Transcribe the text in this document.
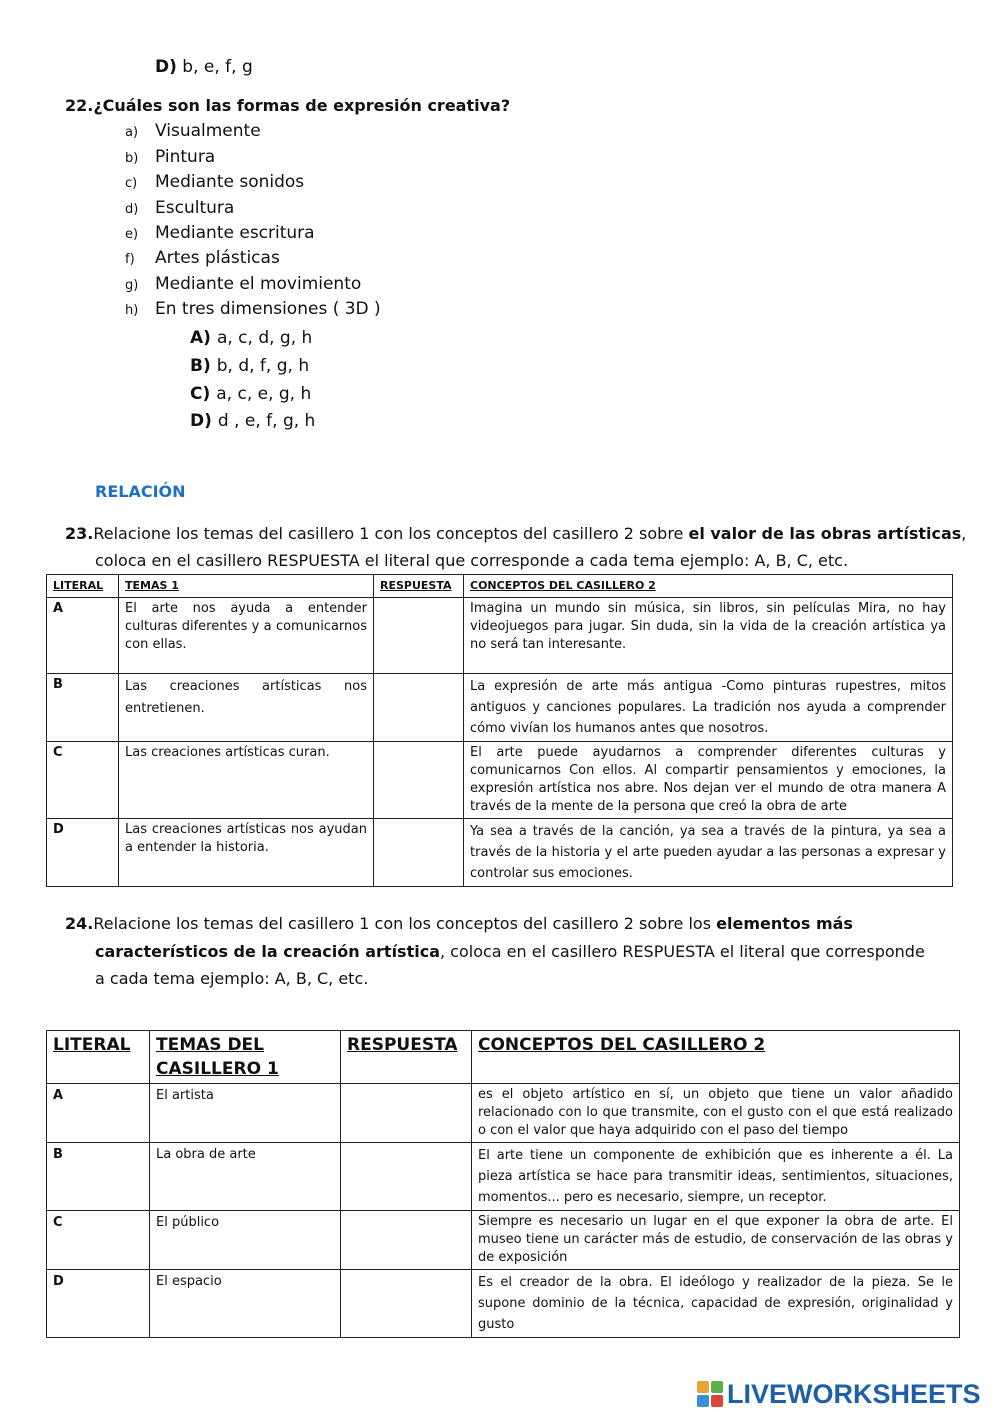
D) b, e, f, g
22.¿Cuáles son las formas de expresión creativa?
a) Visualmente
b) Pintura
c) Mediante sonidos
d) Escultura
e) Mediante escritura
f) Artes plásticas
g) Mediante el movimiento
h) En tres dimensiones ( 3D )
A) a, c, d, g, h
B) b, d, f, g, h
C) a, c, e, g, h
D) d , e, f, g, h
RELACIÓN
23.Relacione los temas del casillero 1 con los conceptos del casillero 2 sobre el valor de las obras artísticas,
coloca en el casillero RESPUESTA el literal que corresponde a cada tema ejemplo: A, B, C, etc.
LITERAL	TEMAS 1	RESPUESTA	CONCEPTOS DEL CASILLERO 2
A	El arte nos ayuda a entender culturas diferentes y a comunicarnos con ellas.		Imagina un mundo sin música, sin libros, sin películas Mira, no hay videojuegos para jugar. Sin duda, sin la vida de la creación artística ya no será tan interesante.
B	Las creaciones artísticas nos entretienen.		La expresión de arte más antigua -Como pinturas rupestres, mitos antiguos y canciones populares. La tradición nos ayuda a comprender cómo vivían los humanos antes que nosotros.
C	Las creaciones artísticas curan.		El arte puede ayudarnos a comprender diferentes culturas y comunicarnos Con ellos. Al compartir pensamientos y emociones, la expresión artística nos abre. Nos dejan ver el mundo de otra manera A través de la mente de la persona que creó la obra de arte
D	Las creaciones artísticas nos ayudan a entender la historia.		Ya sea a través de la canción, ya sea a través de la pintura, ya sea a través de la historia y el arte pueden ayudar a las personas a expresar y controlar sus emociones.
24.Relacione los temas del casillero 1 con los conceptos del casillero 2 sobre los elementos más
característicos de la creación artística, coloca en el casillero RESPUESTA el literal que corresponde
a cada tema ejemplo: A, B, C, etc.
LITERAL	TEMAS DEL CASILLERO 1	RESPUESTA	CONCEPTOS DEL CASILLERO 2
A	El artista		es el objeto artístico en sí, un objeto que tiene un valor añadido relacionado con lo que transmite, con el gusto con el que está realizado o con el valor que haya adquirido con el paso del tiempo
B	La obra de arte		El arte tiene un componente de exhibición que es inherente a él. La pieza artística se hace para transmitir ideas, sentimientos, situaciones, momentos... pero es necesario, siempre, un receptor.
C	El público		Siempre es necesario un lugar en el que exponer la obra de arte. El museo tiene un carácter más de estudio, de conservación de las obras y de exposición
D	El espacio		Es el creador de la obra. El ideólogo y realizador de la pieza. Se le supone dominio de la técnica, capacidad de expresión, originalidad y gusto
LIVEWORKSHEETS
